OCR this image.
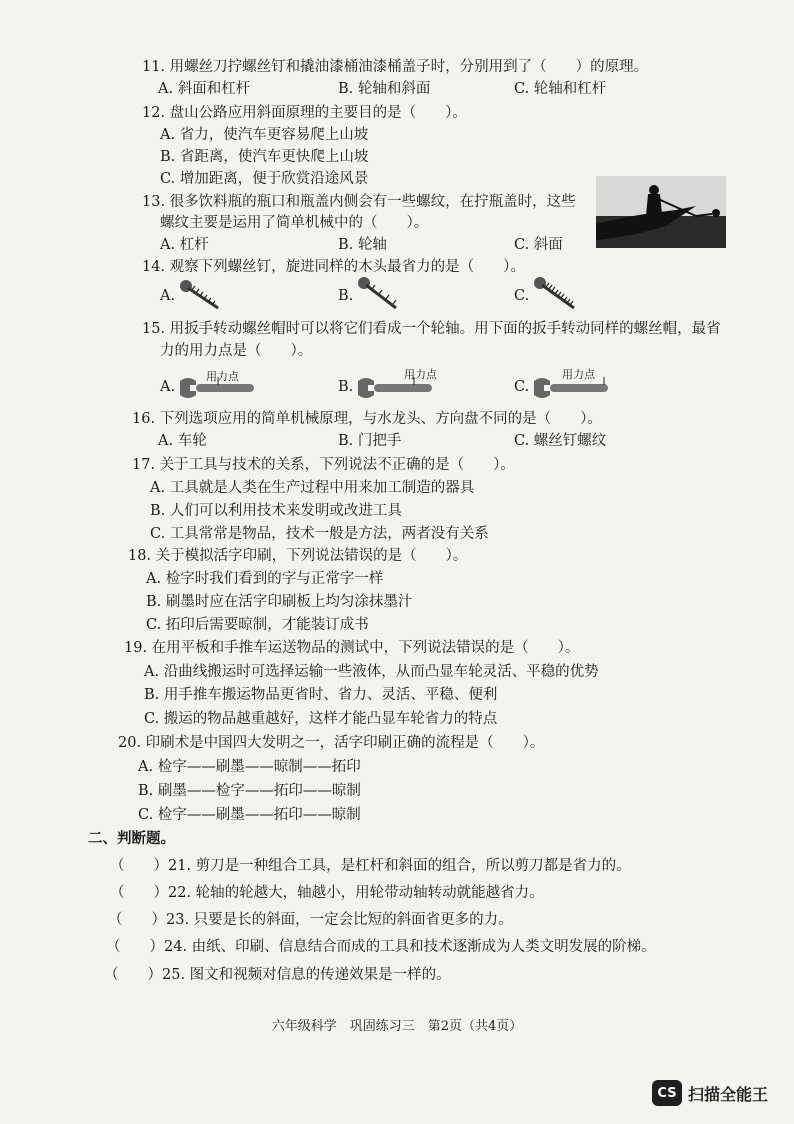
11. 用螺丝刀拧螺丝钉和撬油漆桶油漆桶盖子时，分别用到了（　　）的原理。
A. 斜面和杠杆	B. 轮轴和斜面	C. 轮轴和杠杆
12. 盘山公路应用斜面原理的主要目的是（　　）。
A. 省力，使汽车更容易爬上山坡
B. 省距离，使汽车更快爬上山坡
C. 增加距离，便于欣赏沿途风景
13. 很多饮料瓶的瓶口和瓶盖内侧会有一些螺纹，在拧瓶盖时，这些
螺纹主要是运用了简单机械中的（　　）。
A. 杠杆	B. 轮轴	C. 斜面
14. 观察下列螺丝钉，旋进同样的木头最省力的是（　　）。
A.	B.	C.
15. 用扳手转动螺丝帽时可以将它们看成一个轮轴。用下面的扳手转动同样的螺丝帽，最省
力的用力点是（　　）。
A.
用力点
B.
用力点
C.
用力点
16. 下列选项应用的简单机械原理，与水龙头、方向盘不同的是（　　）。
A. 车轮	B. 门把手	C. 螺丝钉螺纹
17. 关于工具与技术的关系，下列说法不正确的是（　　）。
A. 工具就是人类在生产过程中用来加工制造的器具
B. 人们可以利用技术来发明或改进工具
C. 工具常常是物品，技术一般是方法，两者没有关系
18. 关于模拟活字印刷，下列说法错误的是（　　）。
A. 检字时我们看到的字与正常字一样
B. 刷墨时应在活字印刷板上均匀涂抹墨汁
C. 拓印后需要晾制，才能装订成书
19. 在用平板和手推车运送物品的测试中，下列说法错误的是（　　）。
A. 沿曲线搬运时可选择运输一些液体，从而凸显车轮灵活、平稳的优势
B. 用手推车搬运物品更省时、省力、灵活、平稳、便利
C. 搬运的物品越重越好，这样才能凸显车轮省力的特点
20. 印刷术是中国四大发明之一，活字印刷正确的流程是（　　）。
A. 检字——刷墨——晾制——拓印
B. 刷墨——检字——拓印——晾制
C. 检字——刷墨——拓印——晾制
二、判断题。
（　　）21. 剪刀是一种组合工具，是杠杆和斜面的组合，所以剪刀都是省力的。
（　　）22. 轮轴的轮越大，轴越小，用轮带动轴转动就能越省力。
（　　）23. 只要是长的斜面，一定会比短的斜面省更多的力。
（　　）24. 由纸、印刷、信息结合而成的工具和技术逐渐成为人类文明发展的阶梯。
（　　）25. 图文和视频对信息的传递效果是一样的。
六年级科学　巩固练习三　第2页（共4页）
CS 扫描全能王
